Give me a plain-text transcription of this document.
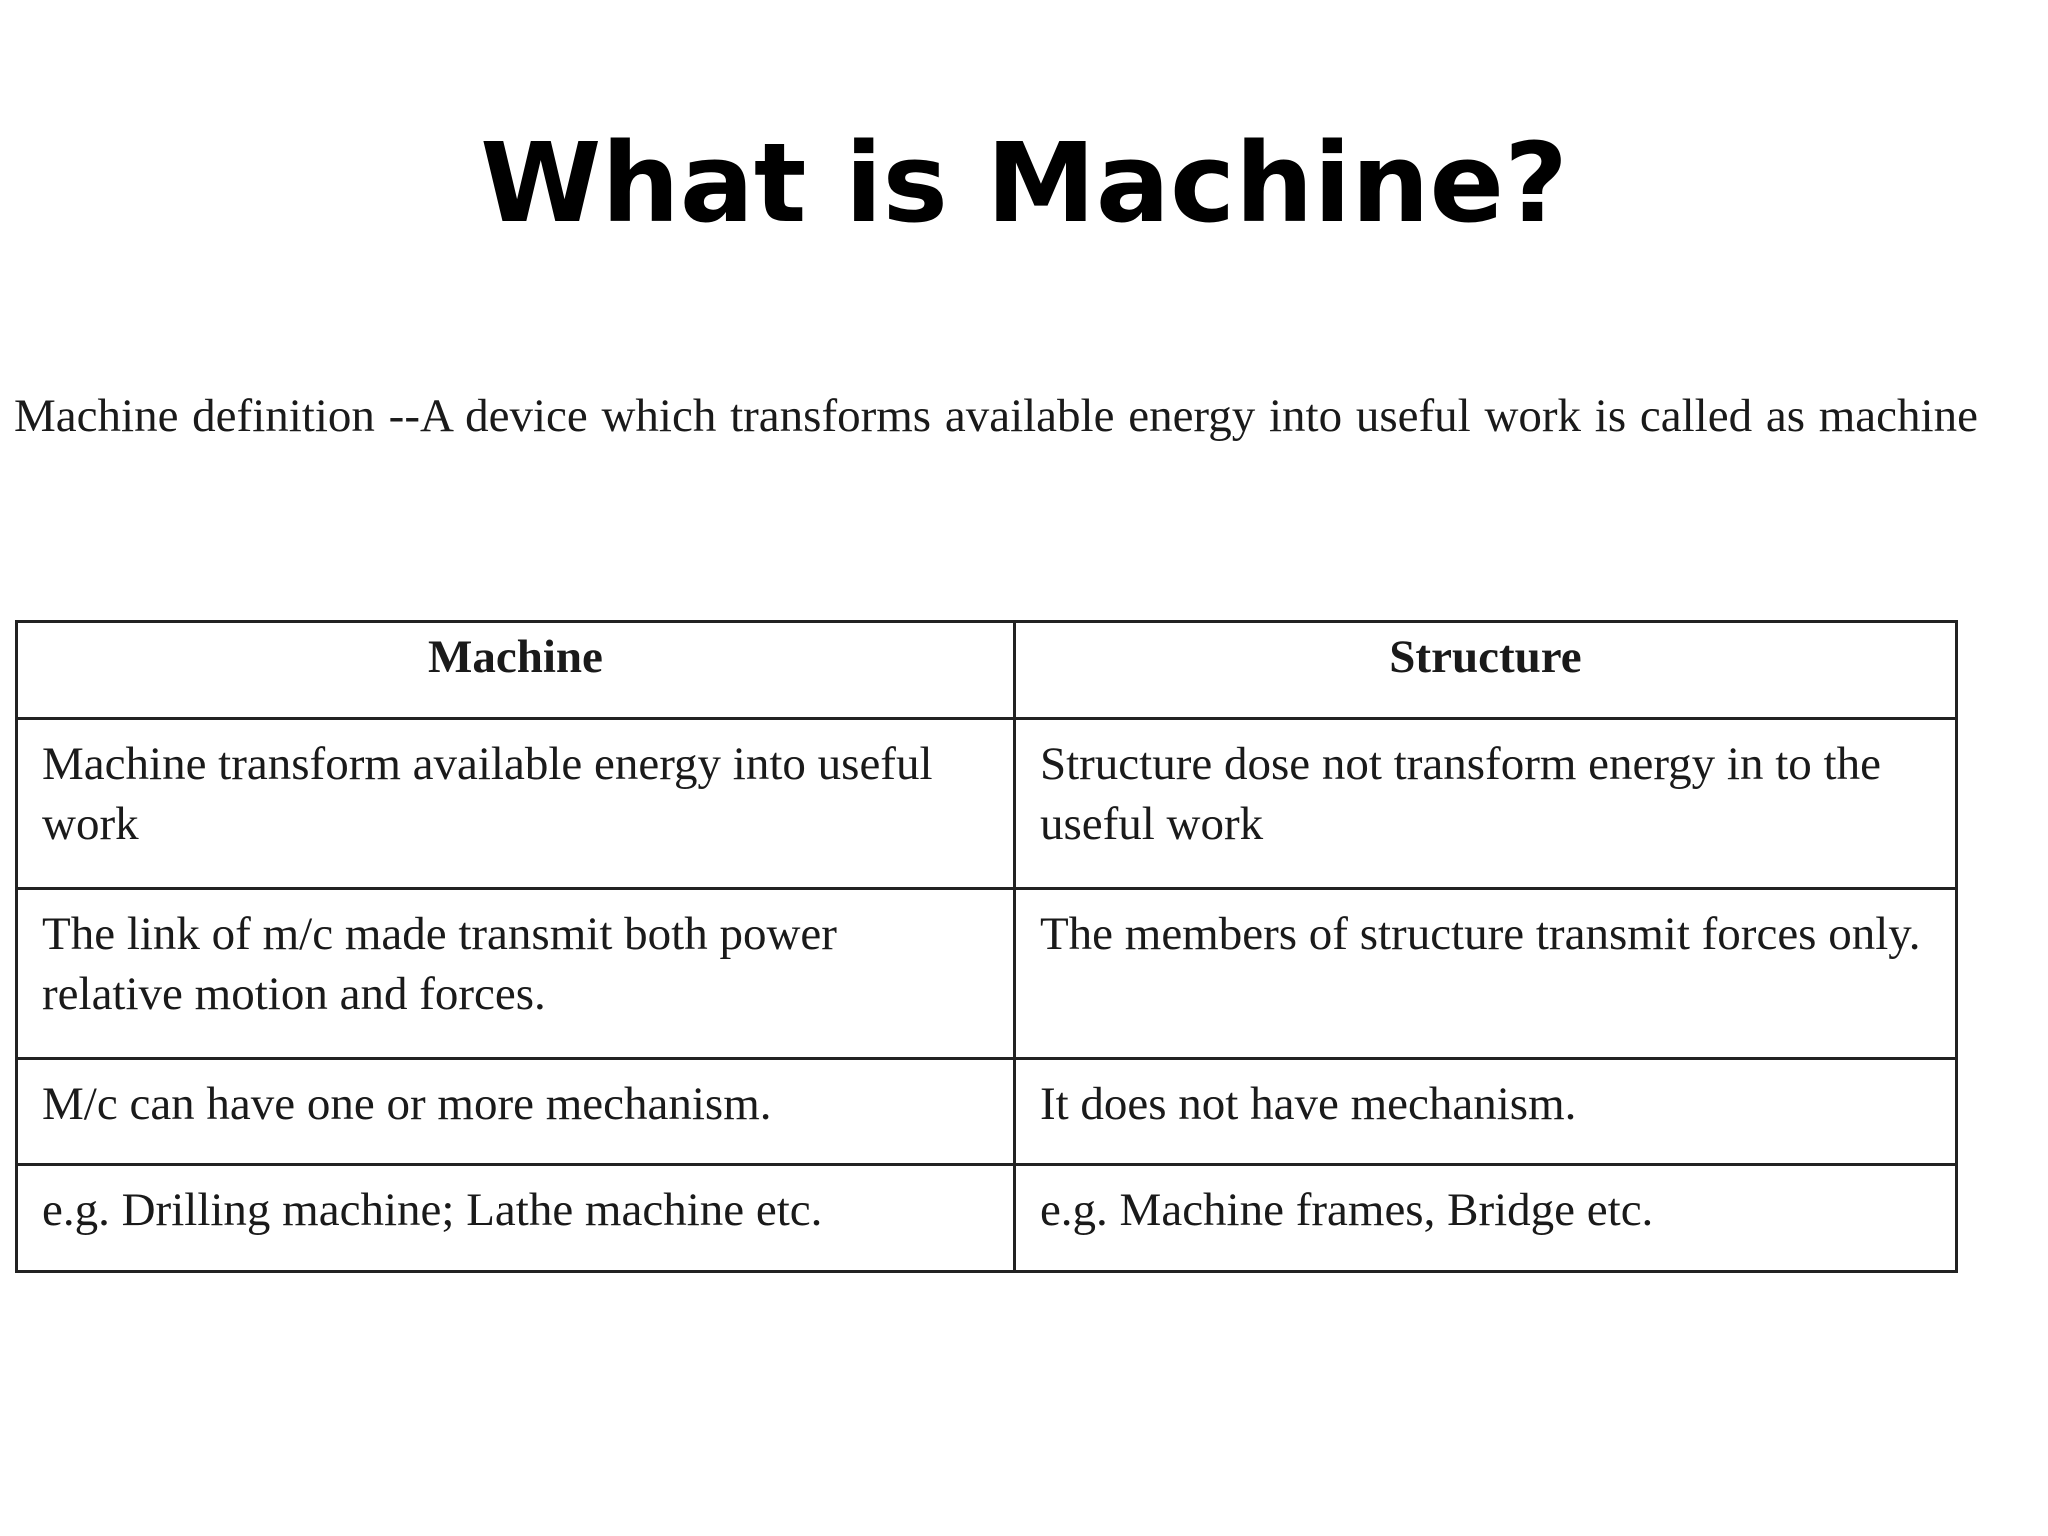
What is Machine?
Machine definition --A device which transforms available energy into useful work is called as machine
Machine	Structure
Machine transform available energy into useful work	Structure dose not transform energy in to the useful work
The link of m/c made transmit both power relative motion and forces.	The members of structure transmit forces only.
M/c can have one or more mechanism.	It does not have mechanism.
e.g. Drilling machine; Lathe machine etc.	e.g. Machine frames, Bridge etc.
